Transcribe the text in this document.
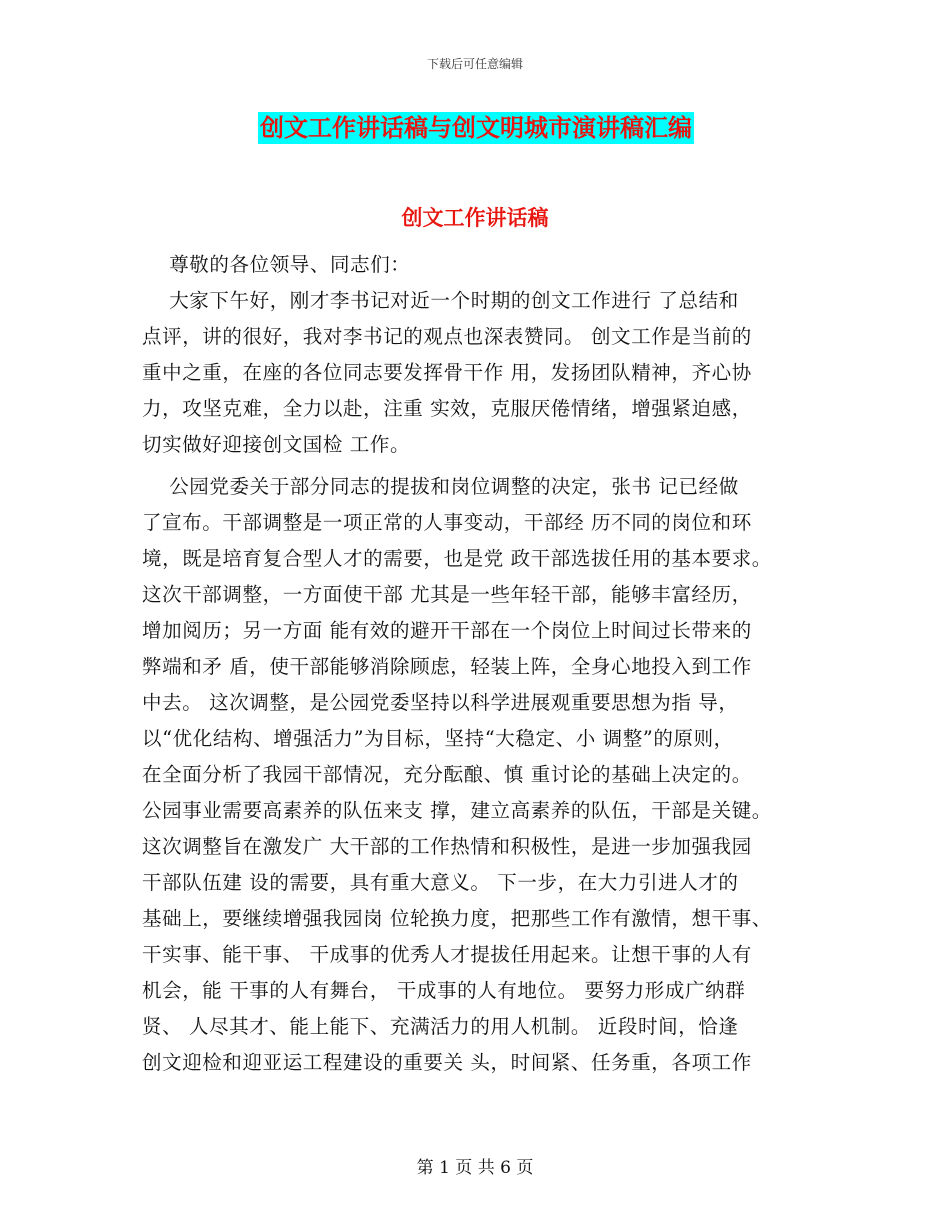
下载后可任意编辑
创文工作讲话稿与创文明城市演讲稿汇编
创文工作讲话稿
尊敬的各位领导、同志们：
大家下午好，刚才李书记对近一个时期的创文工作进行 了总结和
点评，讲的很好，我对李书记的观点也深表赞同。 创文工作是当前的
重中之重，在座的各位同志要发挥骨干作 用，发扬团队精神，齐心协
力，攻坚克难，全力以赴，注重 实效，克服厌倦情绪，增强紧迫感，
切实做好迎接创文国检 工作。
公园党委关于部分同志的提拔和岗位调整的决定，张书 记已经做
了宣布。干部调整是一项正常的人事变动，干部经 历不同的岗位和环
境，既是培育复合型人才的需要，也是党 政干部选拔任用的基本要求。
这次干部调整，一方面使干部 尤其是一些年轻干部，能够丰富经历，
增加阅历；另一方面 能有效的避开干部在一个岗位上时间过长带来的
弊端和矛 盾，使干部能够消除顾虑，轻装上阵，全身心地投入到工作
中去。 这次调整，是公园党委坚持以科学进展观重要思想为指 导，
以“优化结构、增强活力”为目标，坚持“大稳定、小 调整”的原则，
在全面分析了我园干部情况，充分酝酿、慎 重讨论的基础上决定的。
公园事业需要高素养的队伍来支 撑，建立高素养的队伍，干部是关键。
这次调整旨在激发广 大干部的工作热情和积极性，是进一步加强我园
干部队伍建 设的需要，具有重大意义。 下一步，在大力引进人才的
基础上，要继续增强我园岗 位轮换力度，把那些工作有激情，想干事、
干实事、能干事、 干成事的优秀人才提拔任用起来。让想干事的人有
机会，能 干事的人有舞台， 干成事的人有地位。 要努力形成广纳群
贤、 人尽其才、能上能下、充满活力的用人机制。 近段时间，恰逢
创文迎检和迎亚运工程建设的重要关 头，时间紧、任务重，各项工作
第 1 页 共 6 页
